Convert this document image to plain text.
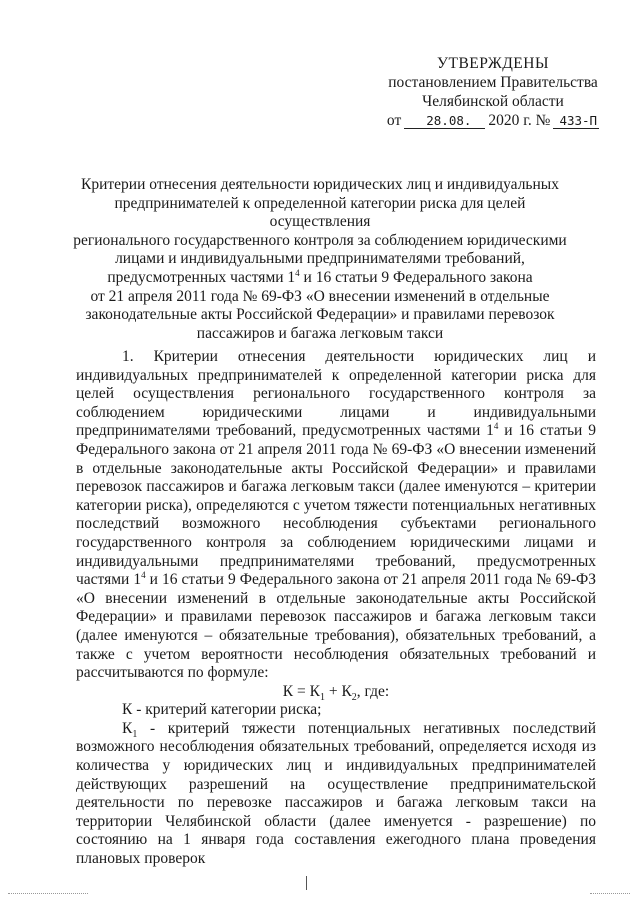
УТВЕРЖДЕНЫ
постановлением Правительства
Челябинской области
от	28.08.	2020 г. № 433-П
Критерии отнесения деятельности юридических лиц и индивидуальных
предпринимателей к определенной категории риска для целей осуществления
регионального государственного контроля за соблюдением юридическими
лицами и индивидуальными предпринимателями требований,
предусмотренных частями $1^4$ и 16 статьи 9 Федерального закона
от 21 апреля 2011 года № 69-ФЗ «О внесении изменений в отдельные
законодательные акты Российской Федерации» и правилами перевозок
пассажиров и багажа легковым такси

1. Критерии отнесения деятельности юридических лиц и индивидуальных предпринимателей к определенной категории риска для целей осуществления регионального государственного контроля за соблюдением юридическими лицами и индивидуальными предпринимателями требований, предусмотренных частями $1^4$ и 16 статьи 9 Федерального закона от 21 апреля 2011 года № 69-ФЗ «О внесении изменений в отдельные законодательные акты Российской Федерации» и правилами перевозок пассажиров и багажа легковым такси (далее именуются – критерии категории риска), определяются с учетом тяжести потенциальных негативных последствий возможного несоблюдения субъектами регионального государственного контроля за соблюдением юридическими лицами и индивидуальными предпринимателями требований, предусмотренных частями $1^4$ и 16 статьи 9 Федерального закона от 21 апреля 2011 года № 69-ФЗ «О внесении изменений в отдельные законодательные акты Российской Федерации» и правилами перевозок пассажиров и багажа легковым такси (далее именуются – обязательные требования), обязательных требований, а также с учетом вероятности несоблюдения обязательных требований и рассчитываются по формуле:

$К = К_1 + К_2$, где:

К - критерий категории риска;

$К_1$ - критерий тяжести потенциальных негативных последствий возможного несоблюдения обязательных требований, определяется исходя из количества у юридических лиц и индивидуальных предпринимателей действующих разрешений на осуществление предпринимательской деятельности по перевозке пассажиров и багажа легковым такси на территории Челябинской области (далее именуется - разрешение) по состоянию на 1 января года составления ежегодного плана проведения плановых проверок
